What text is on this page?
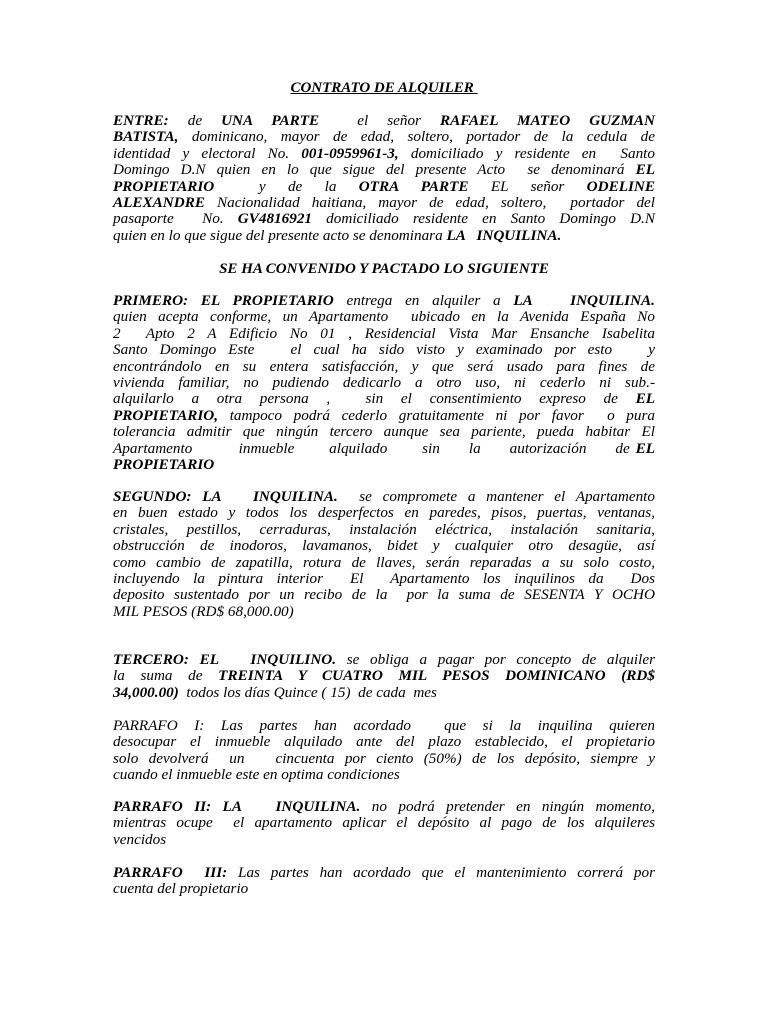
CONTRATO DE ALQUILER
ENTRE: de UNA PARTE  el señor RAFAEL MATEO GUZMAN
BATISTA, dominicano, mayor de edad, soltero, portador de la cedula de
identidad y electoral No. 001-0959961-3, domiciliado y residente en  Santo
Domingo D.N quien en lo que sigue del presente Acto  se denominará EL
PROPIETARIO  y de la OTRA PARTE EL señor ODELINE
ALEXANDRE Nacionalidad haitiana, mayor de edad, soltero,  portador del
pasaporte  No. GV4816921 domiciliado residente en Santo Domingo D.N
quien en lo que sigue del presente acto se denominara LA   INQUILINA.
SE HA CONVENIDO Y PACTADO LO SIGUIENTE
PRIMERO: EL PROPIETARIO entrega en alquiler a LA   INQUILINA.
quien acepta conforme, un Apartamento  ubicado en la Avenida España No
2  Apto 2 A Edificio No 01 , Residencial Vista Mar Ensanche Isabelita
Santo Domingo Este   el cual ha sido visto y examinado por esto   y
encontrándolo en su entera satisfacción, y que será usado para fines de
vivienda familiar, no pudiendo dedicarlo a otro uso, ni cederlo ni sub.-
alquilarlo a otra persona ,  sin el consentimiento expreso de EL
PROPIETARIO, tampoco podrá cederlo gratuitamente ni por favor  o pura
tolerancia admitir que ningún tercero aunque sea pariente, pueda habitar El
Apartamento        inmueble      alquilado      sin     la     autorización     de EL
PROPIETARIO
SEGUNDO: LA   INQUILINA.  se compromete a mantener el Apartamento
en buen estado y todos los desperfectos en paredes, pisos, puertas, ventanas,
cristales, pestillos, cerraduras, instalación eléctrica, instalación sanitaria,
obstrucción de inodoros, lavamanos, bidet y cualquier otro desagüe, así
como cambio de zapatilla, rotura de llaves, serán reparadas a su solo costo,
incluyendo la pintura interior  El  Apartamento los inquilinos da  Dos
deposito sustentado por un recibo de la  por la suma de SESENTA Y OCHO
MIL PESOS (RD$ 68,000.00)
TERCERO: EL   INQUILINO. se obliga a pagar por concepto de alquiler
la suma de TREINTA Y CUATRO MIL PESOS DOMINICANO (RD$
34,000.00)  todos los días Quince ( 15)  de cada  mes
PARRAFO I: Las partes han acordado  que si la inquilina quieren
desocupar el inmueble alquilado ante del plazo establecido, el propietario
solo devolverá  un   cincuenta por ciento (50%) de los depósito, siempre y
cuando el inmueble este en optima condiciones
PARRAFO II: LA   INQUILINA. no podrá pretender en ningún momento,
mientras ocupe  el apartamento aplicar el depósito al pago de los alquileres
vencidos
PARRAFO  III: Las partes han acordado que el mantenimiento correrá por
cuenta del propietario
